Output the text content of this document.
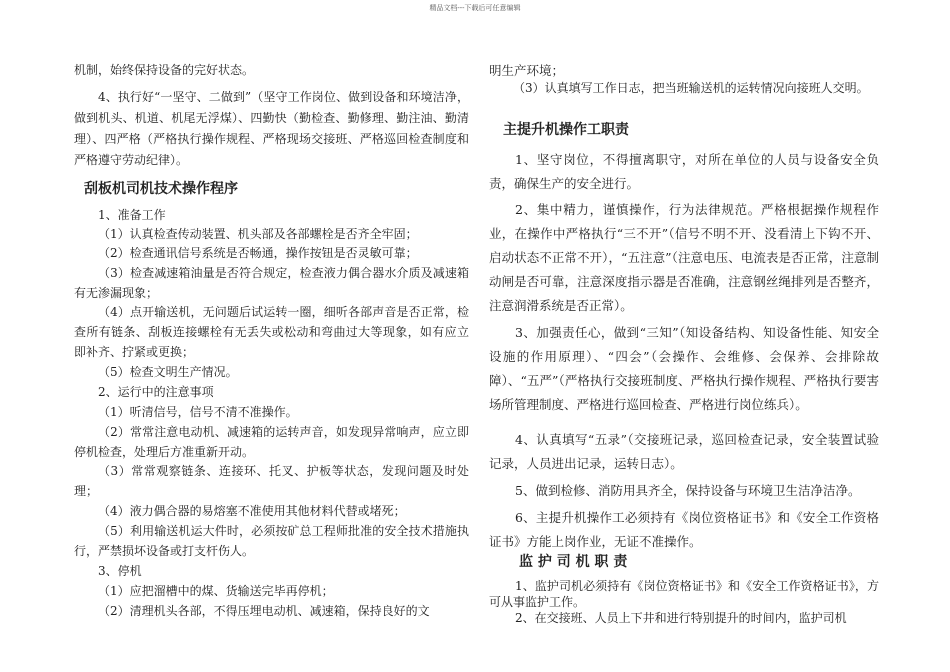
精品文档---下载后可任意编辑

机制，始终保持设备的完好状态。

4、执行好“一坚守、二做到”（坚守工作岗位、做到设备和环境洁净，做到机头、机道、机尾无浮煤）、四勤快（勤检查、勤修理、勤注油、勤清理）、四严格（严格执行操作规程、严格现场交接班、严格巡回检查制度和严格遵守劳动纪律）。

刮板机司机技术操作程序

1、准备工作

（1）认真检查传动装置、机头部及各部螺栓是否齐全牢固；

（2）检查通讯信号系统是否畅通，操作按钮是否灵敏可靠；

（3）检查减速箱油量是否符合规定，检查液力偶合器水介质及减速箱有无渗漏现象；

（4）点开输送机，无问题后试运转一圈，细听各部声音是否正常，检查所有链条、刮板连接螺栓有无丢失或松动和弯曲过大等现象，如有应立即补齐、拧紧或更换；

（5）检查文明生产情况。

2、运行中的注意事项

（1）听清信号，信号不清不准操作。

（2）常常注意电动机、减速箱的运转声音，如发现异常响声，应立即停机检查，处理后方准重新开动。

（3）常常观察链条、连接环、托叉、护板等状态，发现问题及时处理；

（4）液力偶合器的易熔塞不准使用其他材料代替或堵死；

（5）利用输送机运大件时，必须按矿总工程师批准的安全技术措施执行，严禁损坏设备或打支杆伤人。

3、停机

（1）应把溜槽中的煤、货输送完毕再停机；

（2）清理机头各部，不得压埋电动机、减速箱，保持良好的文

明生产环境；

（3）认真填写工作日志，把当班输送机的运转情况向接班人交明。

主提升机操作工职责

1、坚守岗位，不得擅离职守，对所在单位的人员与设备安全负责，确保生产的安全进行。

2、集中精力，谨慎操作，行为法律规范。严格根据操作规程作业，在操作中严格执行“三不开”（信号不明不开、没看清上下钩不开、启动状态不正常不开），“五注意”（注意电压、电流表是否正常，注意制动闸是否可靠，注意深度指示器是否准确，注意钢丝绳排列是否整齐，注意润滑系统是否正常）。

3、加强责任心，做到“三知”（知设备结构、知设备性能、知安全设施的作用原理）、“四会”（会操作、会维修、会保养、会排除故障）、“五严”（严格执行交接班制度、严格执行操作规程、严格执行要害场所管理制度、严格进行巡回检查、严格进行岗位练兵）。

4、认真填写“五录”（交接班记录，巡回检查记录，安全装置试验记录，人员进出记录，运转日志）。

5、做到检修、消防用具齐全，保持设备与环境卫生洁净洁净。

6、主提升机操作工必须持有《岗位资格证书》和《安全工作资格证书》方能上岗作业，无证不准操作。

监 护 司 机 职 责

1、监护司机必须持有《岗位资格证书》和《安全工作资格证书》，方可从事监护工作。

2、在交接班、人员上下井和进行特别提升的时间内，监护司机
